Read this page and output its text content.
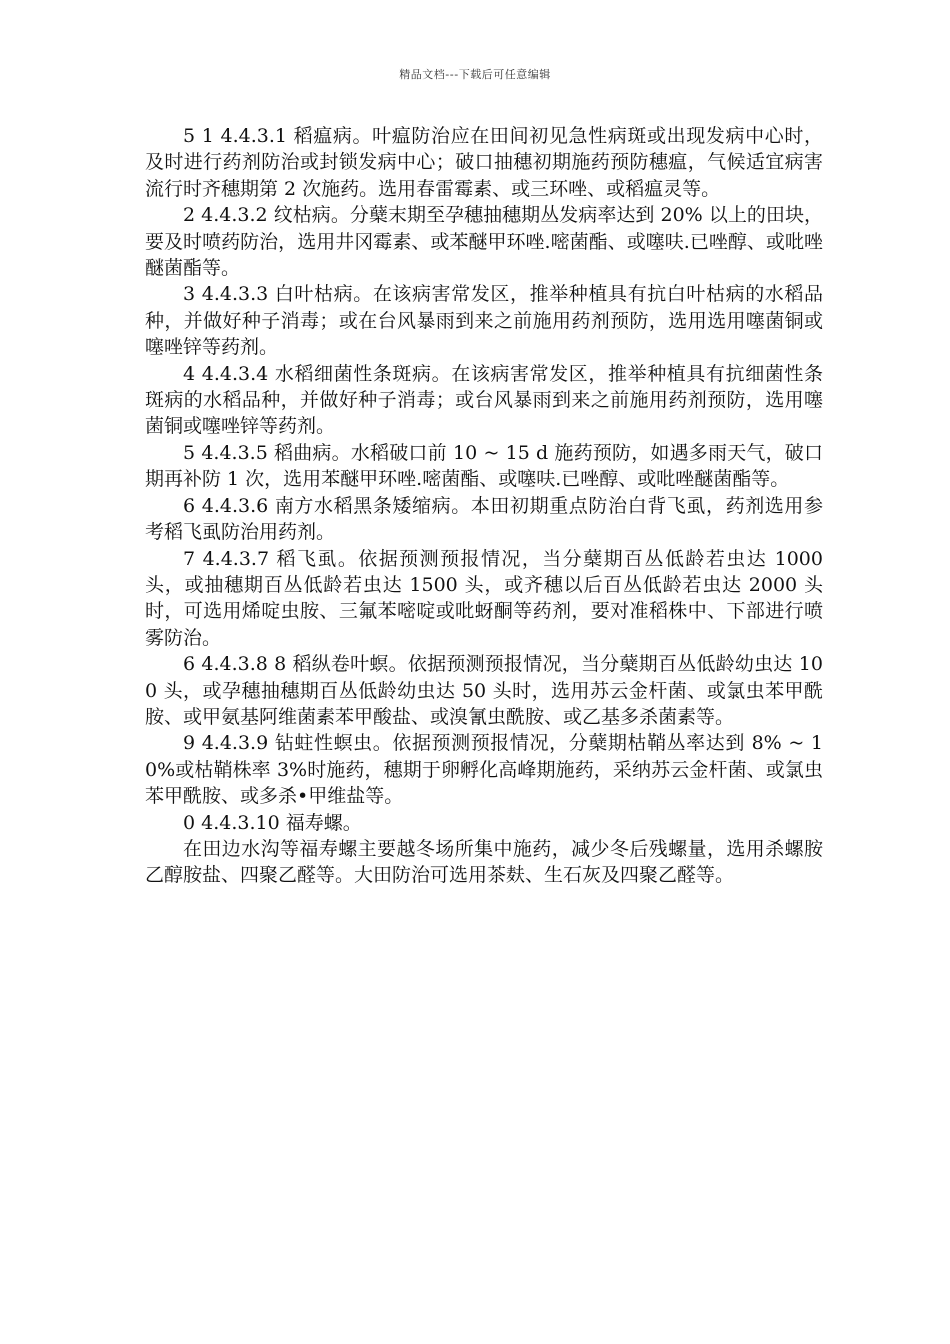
精品文档---下载后可任意编辑

5 1 4.4.3.1 稻瘟病。叶瘟防治应在田间初见急性病斑或出现发病中心时，及时进行药剂防治或封锁发病中心；破口抽穗初期施药预防穗瘟，气候适宜病害流行时齐穗期第 2 次施药。选用春雷霉素、或三环唑、或稻瘟灵等。

2 4.4.3.2 纹枯病。分蘖末期至孕穗抽穗期丛发病率达到 20% 以上的田块，要及时喷药防治，选用井冈霉素、或苯醚甲环唑.嘧菌酯、或噻呋.已唑醇、或吡唑醚菌酯等。

3 4.4.3.3 白叶枯病。在该病害常发区，推举种植具有抗白叶枯病的水稻品种，并做好种子消毒；或在台风暴雨到来之前施用药剂预防，选用选用噻菌铜或噻唑锌等药剂。

4 4.4.3.4 水稻细菌性条斑病。在该病害常发区，推举种植具有抗细菌性条斑病的水稻品种，并做好种子消毒；或台风暴雨到来之前施用药剂预防，选用噻菌铜或噻唑锌等药剂。

5 4.4.3.5 稻曲病。水稻破口前 10 ~ 15 d 施药预防，如遇多雨天气，破口期再补防 1 次，选用苯醚甲环唑.嘧菌酯、或噻呋.已唑醇、或吡唑醚菌酯等。

6 4.4.3.6 南方水稻黑条矮缩病。本田初期重点防治白背飞虱，药剂选用参考稻飞虱防治用药剂。

7 4.4.3.7 稻飞虱。依据预测预报情况，当分蘖期百丛低龄若虫达 1000 头，或抽穗期百丛低龄若虫达 1500 头，或齐穗以后百丛低龄若虫达 2000 头时，可选用烯啶虫胺、三氟苯嘧啶或吡蚜酮等药剂，要对准稻株中、下部进行喷雾防治。

6 4.4.3.8 8 稻纵卷叶螟。依据预测预报情况，当分蘖期百丛低龄幼虫达 100 头，或孕穗抽穗期百丛低龄幼虫达 50 头时，选用苏云金杆菌、或氯虫苯甲酰胺、或甲氨基阿维菌素苯甲酸盐、或溴氰虫酰胺、或乙基多杀菌素等。

9 4.4.3.9 钻蛀性螟虫。依据预测预报情况，分蘖期枯鞘丛率达到 8% ~ 10%或枯鞘株率 3%时施药，穗期于卵孵化高峰期施药，采纳苏云金杆菌、或氯虫苯甲酰胺、或多杀•甲维盐等。

0 4.4.3.10 福寿螺。

在田边水沟等福寿螺主要越冬场所集中施药，减少冬后残螺量，选用杀螺胺乙醇胺盐、四聚乙醛等。大田防治可选用茶麸、生石灰及四聚乙醛等。
